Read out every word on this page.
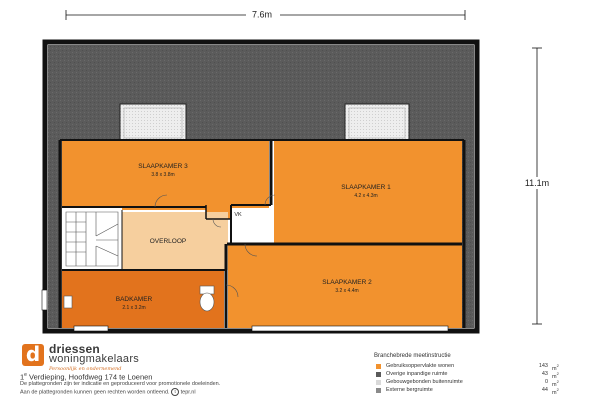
7.6m
11.1m
SLAAPKAMER 3
3.8 x 3.8m
SLAAPKAMER 1
4.2 x 4.3m
SLAAPKAMER 2
3.2 x 4.4m
OVERLOOP
BADKAMER
2.1 x 3.2m
VK
d driessen
woningmakelaars
Persoonlijk en ondernemend
1e Verdieping, Hoofdweg 174 te Loenen
De plattegronden zijn ter indicatie en geproduceerd voor promotionele doeleinden.
Aan de plattegronden kunnen geen rechten worden ontleend. t tepr.nl
Branchebrede meetinstructie
Gebruiksoppervlakte wonen	143 $m^2$
Overige inpandige ruimte	43 $m^2$
Gebouwgebonden buitenruimte	0 $m^2$
Externe bergruimte	44 $m^2$
